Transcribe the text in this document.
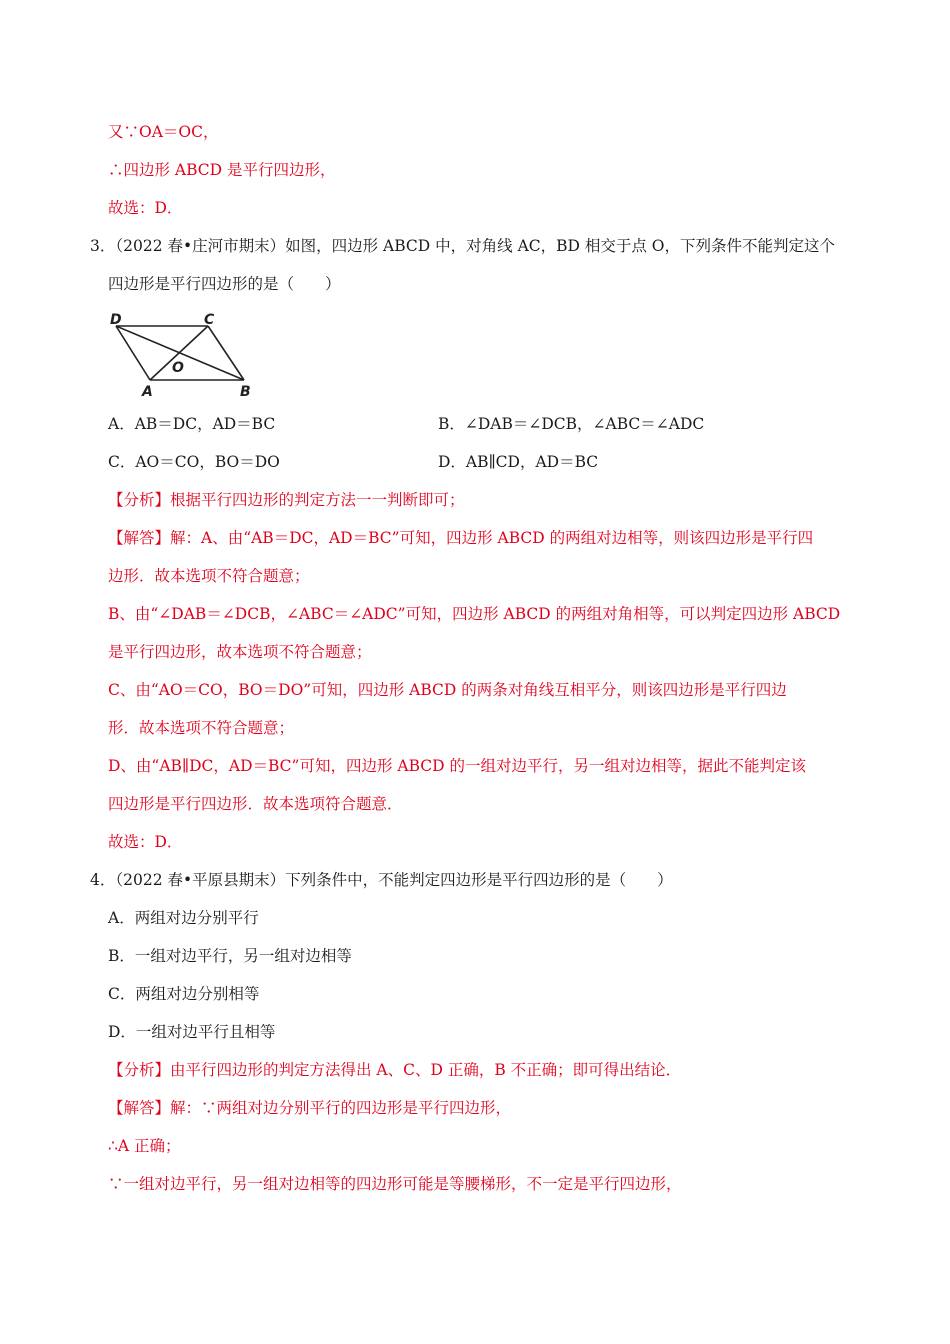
又∵OA＝OC，
∴四边形 ABCD 是平行四边形，
故选：D．
3．（2022 春•庄河市期末）如图，四边形 ABCD 中，对角线 AC，BD 相交于点 O，下列条件不能判定这个
四边形是平行四边形的是（　　）
D	C
O
A	B
A．AB＝DC，AD＝BC	B．∠DAB＝∠DCB，∠ABC＝∠ADC
C．AO＝CO，BO＝DO	D．AB∥CD，AD＝BC
【分析】根据平行四边形的判定方法一一判断即可；
【解答】解：A、由“AB＝DC，AD＝BC”可知，四边形 ABCD 的两组对边相等，则该四边形是平行四
边形．故本选项不符合题意；
B、由“∠DAB＝∠DCB，∠ABC＝∠ADC”可知，四边形 ABCD 的两组对角相等，可以判定四边形 ABCD
是平行四边形，故本选项不符合题意；
C、由“AO＝CO，BO＝DO”可知，四边形 ABCD 的两条对角线互相平分，则该四边形是平行四边
形．故本选项不符合题意；
D、由“AB∥DC，AD＝BC”可知，四边形 ABCD 的一组对边平行，另一组对边相等，据此不能判定该
四边形是平行四边形．故本选项符合题意．
故选：D．
4．（2022 春•平原县期末）下列条件中，不能判定四边形是平行四边形的是（　　）
A．两组对边分别平行
B．一组对边平行，另一组对边相等
C．两组对边分别相等
D．一组对边平行且相等
【分析】由平行四边形的判定方法得出 A、C、D 正确，B 不正确；即可得出结论．
【解答】解：∵两组对边分别平行的四边形是平行四边形，
∴A 正确；
∵一组对边平行，另一组对边相等的四边形可能是等腰梯形，不一定是平行四边形，
